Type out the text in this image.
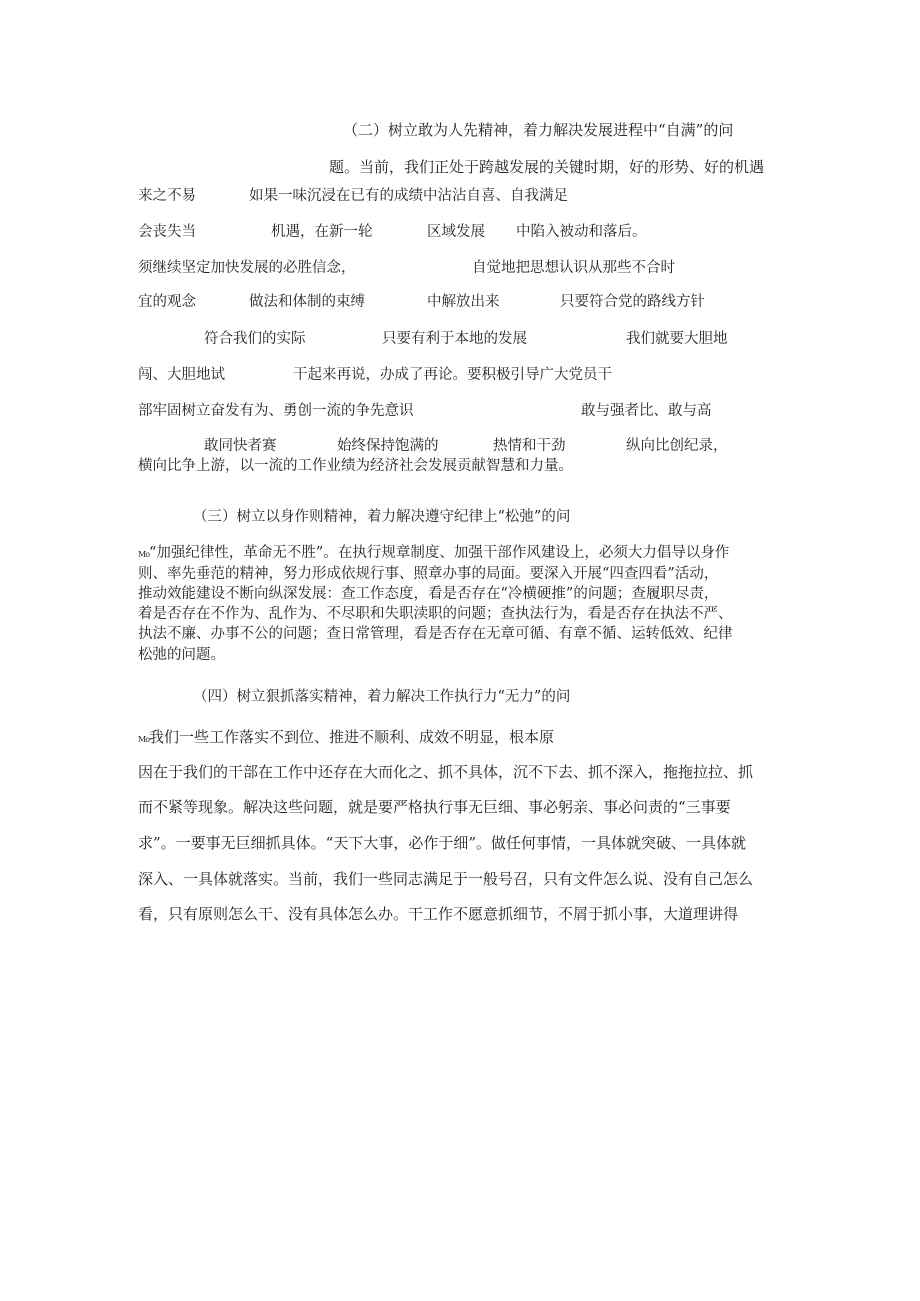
（二）树立敢为人先精神，着力解决发展进程中“自满”的问
题。当前，我们正处于跨越发展的关键时期，好的形势、好的机遇
来之不易	如果一味沉浸在已有的成绩中沾沾自喜、自我满足
会丧失当	机遇，在新一轮	区域发展 中陷入被动和落后。
须继续坚定加快发展的必胜信念，	自觉地把思想认识从那些不合时
宜的观念	做法和体制的束缚	中解放出来	只要符合党的路线方针
符合我们的实际	只要有利于本地的发展	我们就要大胆地
闯、大胆地试	干起来再说，办成了再论。要积极引导广大党员干
部牢固树立奋发有为、勇创一流的争先意识	敢与强者比、敢与高
敢同快者赛	始终保持饱满的	热情和干劲	纵向比创纪录，
横向比争上游，以一流的工作业绩为经济社会发展贡献智慧和力量。
（三）树立以身作则精神，着力解决遵守纪律上“松弛”的问
Mo“加强纪律性，革命无不胜”。在执行规章制度、加强干部作风建设上，必须大力倡导以身作
则、率先垂范的精神，努力形成依规行事、照章办事的局面。要深入开展“四查四看”活动，
推动效能建设不断向纵深发展：查工作态度，看是否存在“冷横硬推”的问题；查履职尽责，
着是否存在不作为、乱作为、不尽职和失职渎职的问题；查执法行为，看是否存在执法不严、
执法不廉、办事不公的问题；查日常管理，看是否存在无章可循、有章不循、运转低效、纪律
松弛的问题。
（四）树立狠抓落实精神，着力解决工作执行力“无力”的问
Mo我们一些工作落实不到位、推进不顺利、成效不明显，根本原
因在于我们的干部在工作中还存在大而化之、抓不具体，沉不下去、抓不深入，拖拖拉拉、抓
而不紧等现象。解决这些问题，就是要严格执行事无巨细、事必躬亲、事必问责的“三事要
求”。一要事无巨细抓具体。“天下大事，必作于细”。做任何事情，一具体就突破、一具体就
深入、一具体就落实。当前，我们一些同志满足于一般号召，只有文件怎么说、没有自己怎么
看，只有原则怎么干、没有具体怎么办。干工作不愿意抓细节，不屑于抓小事，大道理讲得
